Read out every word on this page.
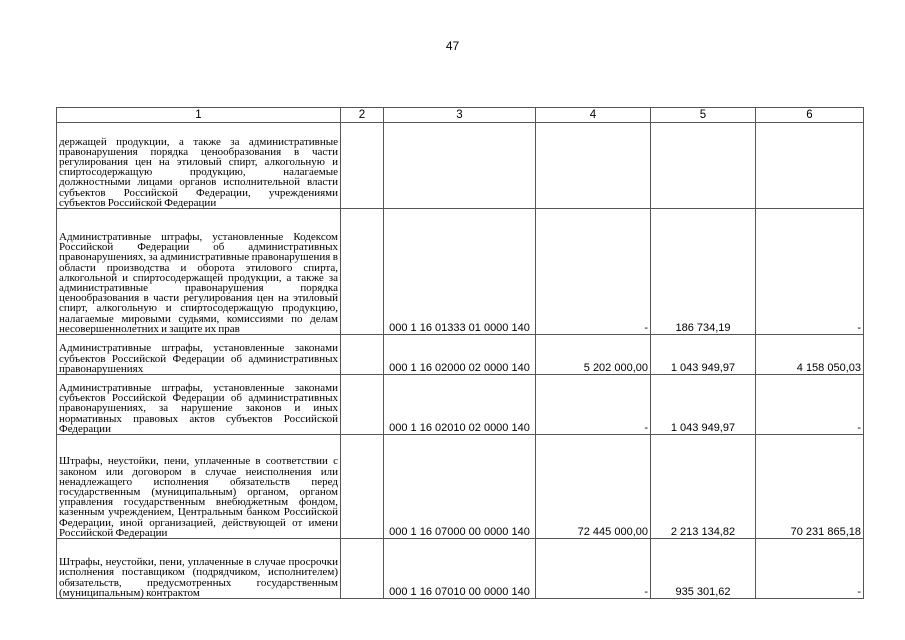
47
1	2	3	4	5	6
держащей продукции, а также за административные правонарушения порядка ценообразования в части регулирования цен на этиловый спирт, алкогольную и спиртосодержащую продукцию, налагаемые должностными лицами органов исполнительной власти субъектов Российской Федерации, учреждениями субъектов Российской Федерации					
Административные штрафы, установленные Кодексом Российской Федерации об административных правонарушениях, за административные правонарушения в области производства и оборота этилового спирта, алкогольной и спиртосодержащей продукции, а также за административные правонарушения порядка ценообразования в части регулирования цен на этиловый спирт, алкогольную и спиртосодержащую продукцию, налагаемые мировыми судьями, комиссиями по делам несовершеннолетних и защите их прав		000 1 16 01333 01 0000 140	-	186 734,19	-
Административные штрафы, установленные законами субъектов Российской Федерации об административных правонарушениях		000 1 16 02000 02 0000 140	5 202 000,00	1 043 949,97	4 158 050,03
Административные штрафы, установленные законами субъектов Российской Федерации об административных правонарушениях, за нарушение законов и иных нормативных правовых актов субъектов Российской Федерации		000 1 16 02010 02 0000 140	-	1 043 949,97	-
Штрафы, неустойки, пени, уплаченные в соответствии с законом или договором в случае неисполнения или ненадлежащего исполнения обязательств перед государственным (муниципальным) органом, органом управления государственным внебюджетным фондом, казенным учреждением, Центральным банком Российской Федерации, иной организацией, действующей от имени Российской Федерации		000 1 16 07000 00 0000 140	72 445 000,00	2 213 134,82	70 231 865,18
Штрафы, неустойки, пени, уплаченные в случае просрочки исполнения поставщиком (подрядчиком, исполнителем) обязательств, предусмотренных государственным (муниципальным) контрактом		000 1 16 07010 00 0000 140	-	935 301,62	-
